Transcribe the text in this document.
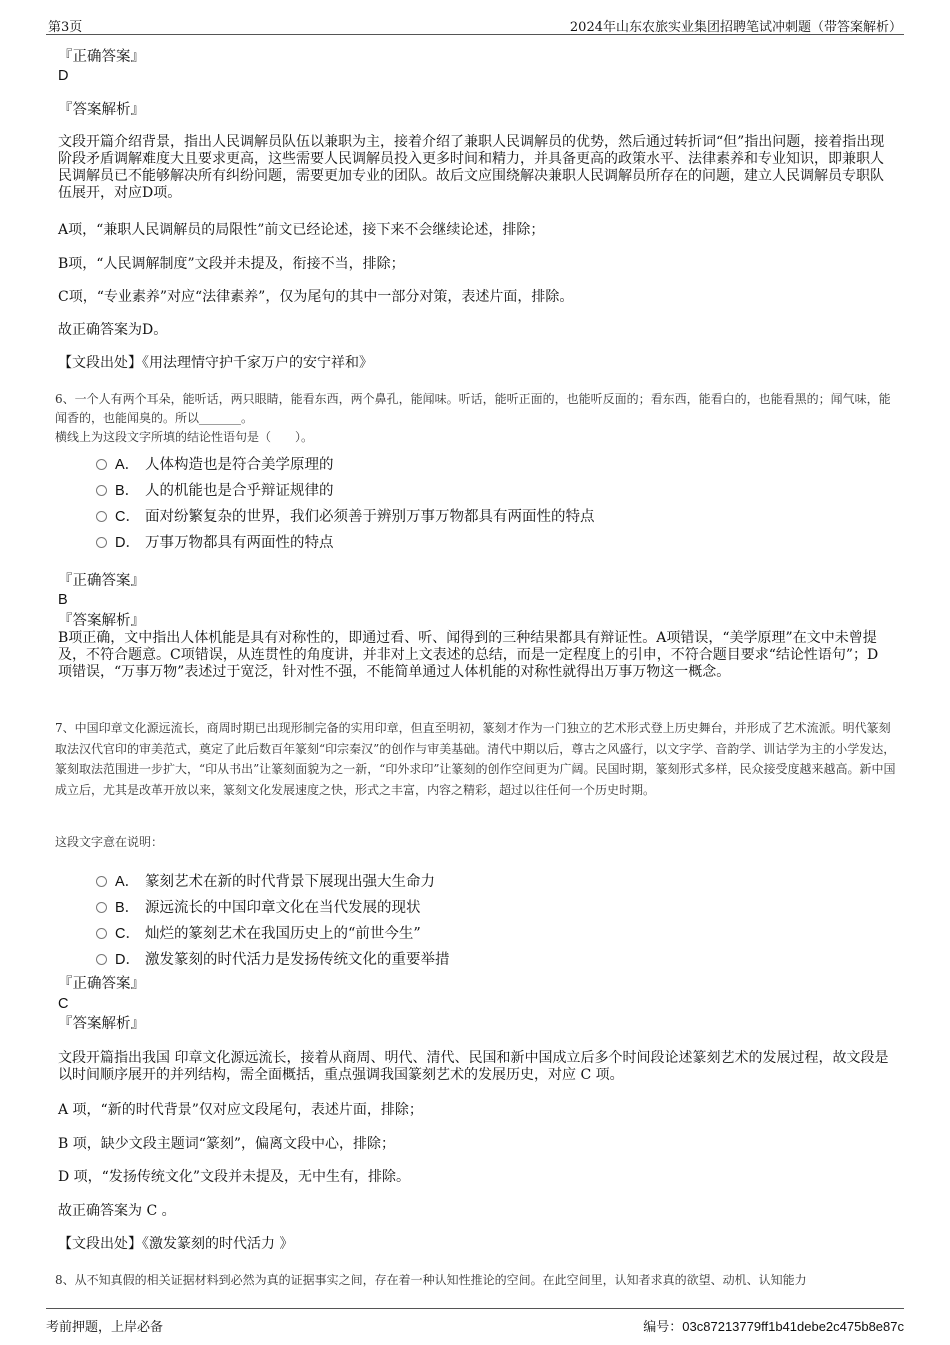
第3页	2024年山东农旅实业集团招聘笔试冲刺题（带答案解析）

『正确答案』

D

『答案解析』

文段开篇介绍背景，指出人民调解员队伍以兼职为主，接着介绍了兼职人民调解员的优势，然后通过转折词“但”指出问题，接着指出现阶段矛盾调解难度大且要求更高，这些需要人民调解员投入更多时间和精力，并具备更高的政策水平、法律素养和专业知识，即兼职人民调解员已不能够解决所有纠纷问题，需要更加专业的团队。故后文应围绕解决兼职人民调解员所存在的问题，建立人民调解员专职队伍展开，对应D项。

A项，“兼职人民调解员的局限性”前文已经论述，接下来不会继续论述，排除；

B项，“人民调解制度”文段并未提及，衔接不当，排除；

C项，“专业素养”对应“法律素养”，仅为尾句的其中一部分对策，表述片面，排除。

故正确答案为D。

【文段出处】《用法理情守护千家万户的安宁祥和》

6、一个人有两个耳朵，能听话，两只眼睛，能看东西，两个鼻孔，能闻味。听话，能听正面的，也能听反面的；看东西，能看白的，也能看黑的；闻气味，能闻香的，也能闻臭的。所以_______。

横线上为这段文字所填的结论性语句是（　　）。

A． 人体构造也是符合美学原理的
B． 人的机能也是合乎辩证规律的
C． 面对纷繁复杂的世界，我们必须善于辨别万事万物都具有两面性的特点
D． 万事万物都具有两面性的特点

『正确答案』

B

『答案解析』

B项正确，文中指出人体机能是具有对称性的，即通过看、听、闻得到的三种结果都具有辩证性。A项错误，“美学原理”在文中未曾提及，不符合题意。C项错误，从连贯性的角度讲，并非对上文表述的总结，而是一定程度上的引申，不符合题目要求“结论性语句”；D项错误，“万事万物”表述过于宽泛，针对性不强，不能简单通过人体机能的对称性就得出万事万物这一概念。

7、中国印章文化源远流长，商周时期已出现形制完备的实用印章，但直至明初，篆刻才作为一门独立的艺术形式登上历史舞台，并形成了艺术流派。明代篆刻取法汉代官印的审美范式，奠定了此后数百年篆刻“印宗秦汉”的创作与审美基础。清代中期以后，尊古之风盛行，以文字学、音韵学、训诂学为主的小学发达，篆刻取法范围进一步扩大，“印从书出”让篆刻面貌为之一新，“印外求印”让篆刻的创作空间更为广阔。民国时期，篆刻形式多样，民众接受度越来越高。新中国成立后，尤其是改革开放以来，篆刻文化发展速度之快，形式之丰富，内容之精彩，超过以往任何一个历史时期。

这段文字意在说明：

A． 篆刻艺术在新的时代背景下展现出强大生命力
B． 源远流长的中国印章文化在当代发展的现状
C． 灿烂的篆刻艺术在我国历史上的“前世今生”
D． 激发篆刻的时代活力是发扬传统文化的重要举措

『正确答案』

C

『答案解析』

文段开篇指出我国 印章文化源远流长，接着从商周、明代、清代、民国和新中国成立后多个时间段论述篆刻艺术的发展过程，故文段是以时间顺序展开的并列结构，需全面概括，重点强调我国篆刻艺术的发展历史，对应 C 项。

A 项，“新的时代背景”仅对应文段尾句，表述片面，排除；

B 项，缺少文段主题词“篆刻”，偏离文段中心，排除；

D 项，“发扬传统文化”文段并未提及，无中生有，排除。

故正确答案为 C 。

【文段出处】《激发篆刻的时代活力 》

8、从不知真假的相关证据材料到必然为真的证据事实之间，存在着一种认知性推论的空间。在此空间里，认知者求真的欲望、动机、认知能力

考前押题，上岸必备	编号：03c87213779ff1b41debe2c475b8e87c
